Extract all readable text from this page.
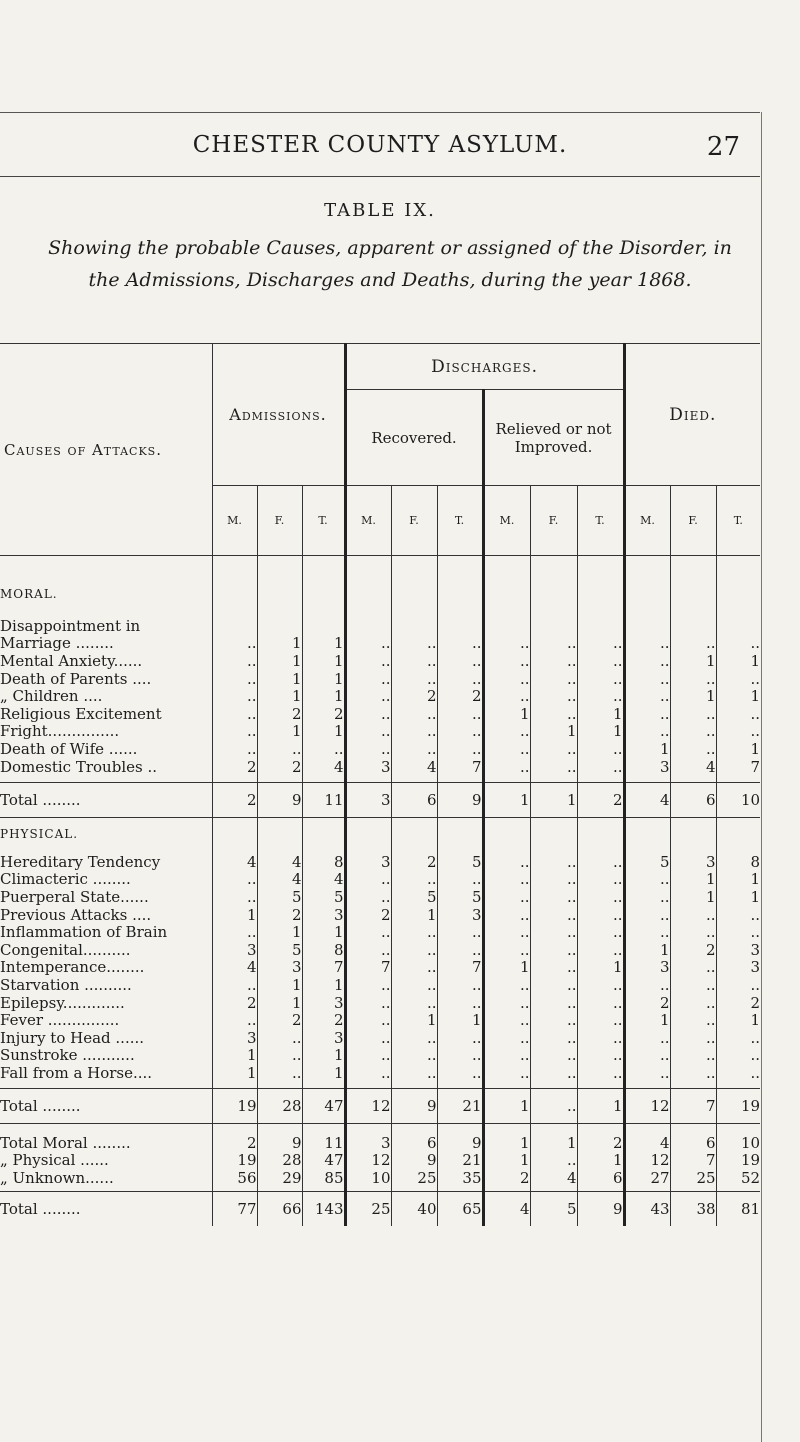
CHESTER COUNTY ASYLUM.	27
TABLE IX.
Showing the probable Causes, apparent or assigned of the Disorder, in the Admissions, Discharges and Deaths, during the year 1868.
Causes of Attacks.	Admissions.			Discharges.						Died.		
				Recovered.			Relieved or not Improved.					
	M.	F.	T.	M.	F.	T.	M.	F.	T.	M.	F.	T.

MORAL.												

Disappointment in												
Marriage ........	..	1	1	..	..	..	..	..	..	..	..	..
Mental Anxiety......	..	1	1	..	..	..	..	..	..	..	1	1
Death of Parents ....	..	1	1	..	..	..	..	..	..	..	..	..
„ Children ....	..	1	1	..	2	2	..	..	..	..	1	1
Religious Excitement	..	2	2	..	..	..	1	..	1	..	..	..
Fright...............	..	1	1	..	..	..	..	1	1	..	..	..
Death of Wife ......	..	..	..	..	..	..	..	..	..	1	..	1
Domestic Troubles ..	2	2	4	3	4	7	..	..	..	3	4	7

Total ........	2	9	11	3	6	9	1	1	2	4	6	10

PHYSICAL.												

Hereditary Tendency	4	4	8	3	2	5	..	..	..	5	3	8
Climacteric ........	..	4	4	..	..	..	..	..	..	..	1	1
Puerperal State......	..	5	5	..	5	5	..	..	..	..	1	1
Previous Attacks ....	1	2	3	2	1	3	..	..	..	..	..	..
Inflammation of Brain	..	1	1	..	..	..	..	..	..	..	..	..
Congenital..........	3	5	8	..	..	..	..	..	..	1	2	3
Intemperance........	4	3	7	7	..	7	1	..	1	3	..	3
Starvation ..........	..	1	1	..	..	..	..	..	..	..	..	..
Epilepsy.............	2	1	3	..	..	..	..	..	..	2	..	2
Fever ...............	..	2	2	..	1	1	..	..	..	1	..	1
Injury to Head ......	3	..	3	..	..	..	..	..	..	..	..	..
Sunstroke ...........	1	..	1	..	..	..	..	..	..	..	..	..
Fall from a Horse....	1	..	1	..	..	..	..	..	..	..	..	..

Total ........	19	28	47	12	9	21	1	..	1	12	7	19

Total Moral ........	2	9	11	3	6	9	1	1	2	4	6	10
„ Physical ......	19	28	47	12	9	21	1	..	1	12	7	19
„ Unknown......	56	29	85	10	25	35	2	4	6	27	25	52

Total ........	77	66	143	25	40	65	4	5	9	43	38	81
